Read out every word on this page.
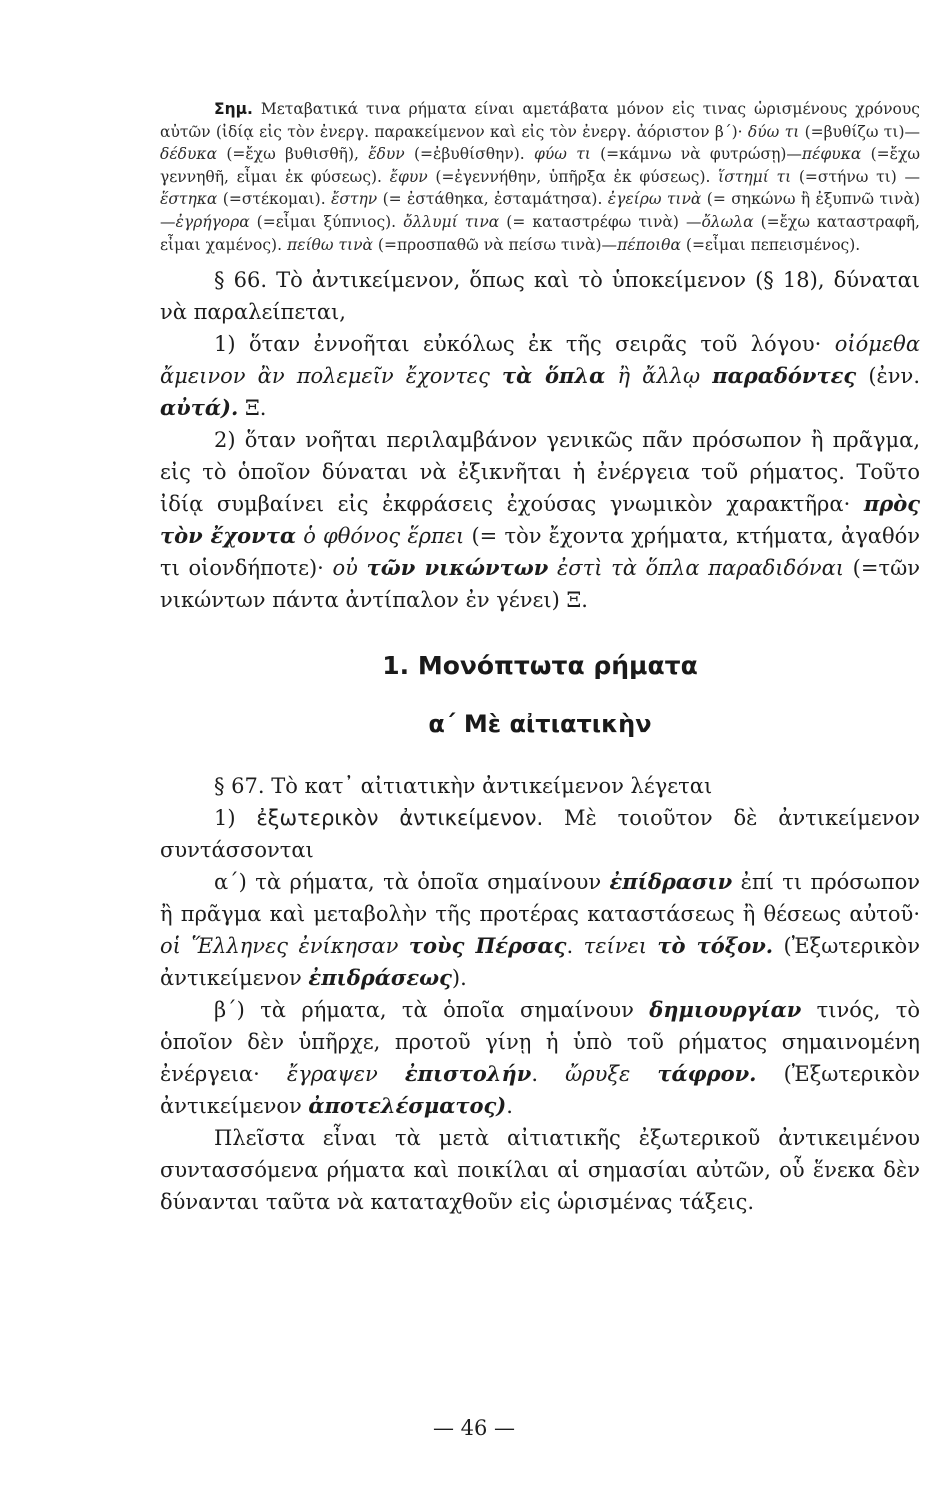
Σημ. Μεταβατικά τινα ρήματα είναι αμετάβατα μόνον εἰς τινας ὡρισμένους χρόνους αὐτῶν (ἰδίᾳ εἰς τὸν ἐνεργ. παρακείμενον καὶ εἰς τὸν ἐνεργ. ἀόριστον β΄)· δύω τι (=βυθίζω τι)—δέδυκα (=ἔχω βυθισθῆ), ἔδυν (=ἐβυθίσθην). φύω τι (=κάμνω νὰ φυτρώσῃ)—πέφυκα (=ἔχω γεννηθῆ, εἶμαι ἐκ φύσεως). ἔφυν (=ἐγεννήθην, ὑπῆρξα ἐκ φύσεως). ἵστημί τι (=στήνω τι) — ἕστηκα (=στέκομαι). ἔστην (= ἐστάθηκα, ἐσταμάτησα). ἐγείρω τινὰ (= σηκώνω ἢ ἐξυπνῶ τινὰ)—ἐγρήγορα (=εἶμαι ξύπνιος). ὄλλυμί τινα (= καταστρέφω τινὰ) —ὄλωλα (=ἔχω καταστραφῆ, εἶμαι χαμένος). πείθω τινὰ (=προσπαθῶ νὰ πείσω τινὰ)—πέποιθα (=εἶμαι πεπεισμένος).

§ 66. Τὸ ἀντικείμενον, ὅπως καὶ τὸ ὑποκείμενον (§ 18), δύναται νὰ παραλείπεται,

1) ὅταν ἐννοῆται εὐκόλως ἐκ τῆς σειρᾶς τοῦ λόγου· οἰόμεθα ἄμεινον ἂν πολεμεῖν ἔχοντες τὰ ὅπλα ἢ ἄλλῳ παραδόντες (ἐνν. αὐτά). Ξ.

2) ὅταν νοῆται περιλαμβάνον γενικῶς πᾶν πρόσωπον ἢ πρᾶγμα, εἰς τὸ ὁποῖον δύναται νὰ ἐξικνῆται ἡ ἐνέργεια τοῦ ρήματος. Τοῦτο ἰδίᾳ συμβαίνει εἰς ἐκφράσεις ἐχούσας γνωμικὸν χαρακτῆρα· πρὸς τὸν ἔχοντα ὁ φθόνος ἕρπει (= τὸν ἔχοντα χρήματα, κτήματα, ἀγαθόν τι οἱονδήποτε)· οὐ τῶν νικώντων ἐστὶ τὰ ὅπλα παραδιδόναι (=τῶν νικώντων πάντα ἀντίπαλον ἐν γένει) Ξ.

1. Μονόπτωτα ρήματα
α΄ Μὲ αἰτιατικὴν

§ 67. Τὸ κατ᾽ αἰτιατικὴν ἀντικείμενον λέγεται

1) ἐξωτερικὸν ἀντικείμενον. Μὲ τοιοῦτον δὲ ἀντικείμενον συντάσσονται

α΄) τὰ ρήματα, τὰ ὁποῖα σημαίνουν ἐπίδρασιν ἐπί τι πρόσωπον ἢ πρᾶγμα καὶ μεταβολὴν τῆς προτέρας καταστάσεως ἢ θέσεως αὐτοῦ· οἱ Ἕλληνες ἐνίκησαν τοὺς Πέρσας. τείνει τὸ τόξον. (Ἐξωτερικὸν ἀντικείμενον ἐπιδράσεως).

β΄) τὰ ρήματα, τὰ ὁποῖα σημαίνουν δημιουργίαν τινός, τὸ ὁποῖον δὲν ὑπῆρχε, προτοῦ γίνῃ ἡ ὑπὸ τοῦ ρήματος σημαινομένη ἐνέργεια· ἔγραψεν ἐπιστολήν. ὤρυξε τάφρον. (Ἐξωτερικὸν ἀντικείμενον ἀποτελέσματος).

Πλεῖστα εἶναι τὰ μετὰ αἰτιατικῆς ἐξωτερικοῦ ἀντικειμένου συντασσόμενα ρήματα καὶ ποικίλαι αἱ σημασίαι αὐτῶν, οὗ ἕνεκα δὲν δύνανται ταῦτα νὰ καταταχθοῦν εἰς ὡρισμένας τάξεις.

— 46 —
